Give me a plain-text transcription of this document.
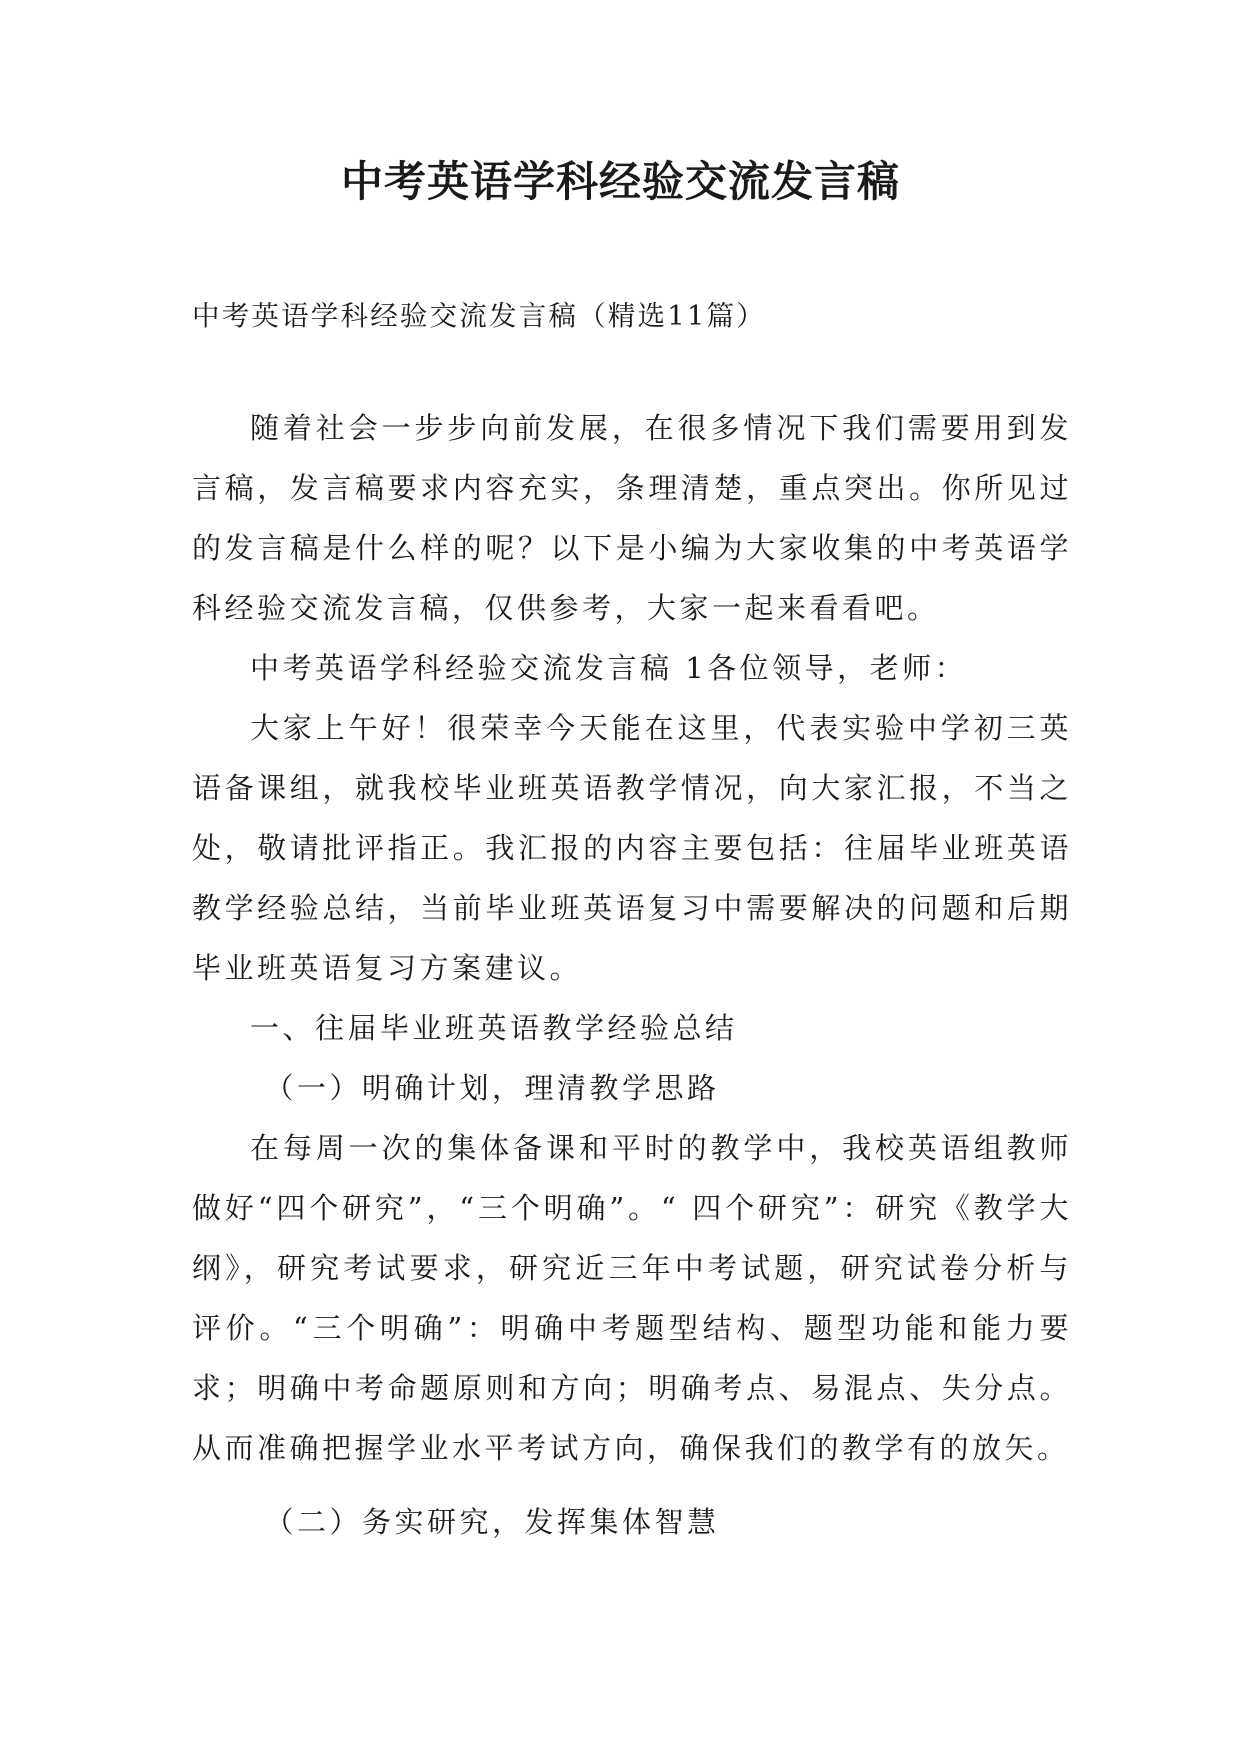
中考英语学科经验交流发言稿

中考英语学科经验交流发言稿（精选11篇）

随着社会一步步向前发展，在很多情况下我们需要用到发言稿，发言稿要求内容充实，条理清楚，重点突出。你所见过的发言稿是什么样的呢？以下是小编为大家收集的中考英语学科经验交流发言稿，仅供参考，大家一起来看看吧。

中考英语学科经验交流发言稿 1各位领导，老师：

大家上午好！很荣幸今天能在这里，代表实验中学初三英语备课组，就我校毕业班英语教学情况，向大家汇报，不当之处，敬请批评指正。我汇报的内容主要包括：往届毕业班英语教学经验总结，当前毕业班英语复习中需要解决的问题和后期毕业班英语复习方案建议。

一、往届毕业班英语教学经验总结

（一）明确计划，理清教学思路

在每周一次的集体备课和平时的教学中，我校英语组教师做好“四个研究”，“三个明确”。“ 四个研究”：研究《教学大纲》，研究考试要求，研究近三年中考试题，研究试卷分析与评价。“三个明确”：明确中考题型结构、题型功能和能力要求；明确中考命题原则和方向；明确考点、易混点、失分点。从而准确把握学业水平考试方向，确保我们的教学有的放矢。

（二）务实研究，发挥集体智慧
